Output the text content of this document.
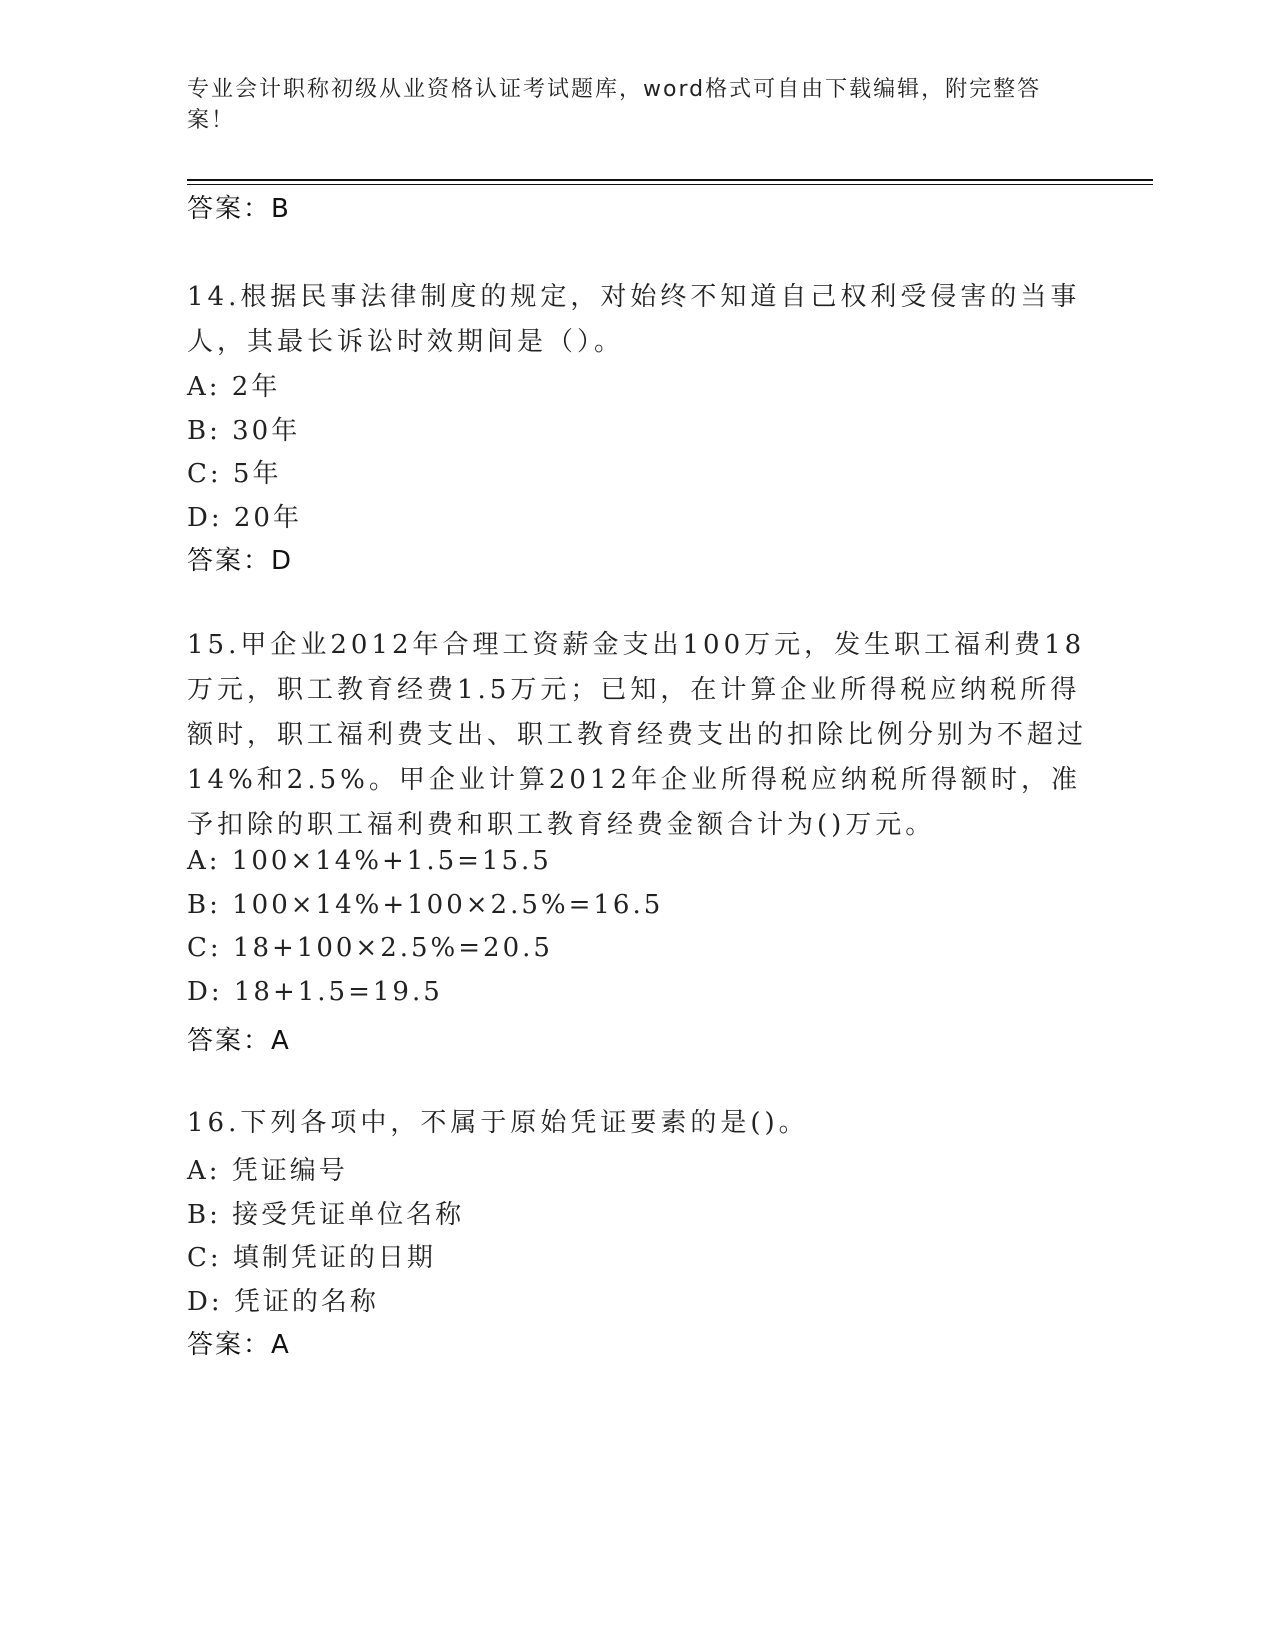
专业会计职称初级从业资格认证考试题库，word格式可自由下载编辑，附完整答案！
答案：B
14.根据民事法律制度的规定，对始终不知道自己权利受侵害的当事人，其最长诉讼时效期间是（）。
A: 2年
B: 30年
C: 5年
D: 20年
答案：D
15.甲企业2012年合理工资薪金支出100万元，发生职工福利费18万元，职工教育经费1.5万元；已知，在计算企业所得税应纳税所得额时，职工福利费支出、职工教育经费支出的扣除比例分别为不超过14%和2.5%。甲企业计算2012年企业所得税应纳税所得额时，准予扣除的职工福利费和职工教育经费金额合计为()万元。
A: 100×14%+1.5=15.5
B: 100×14%+100×2.5%=16.5
C: 18+100×2.5%=20.5
D: 18+1.5=19.5
答案：A
16.下列各项中，不属于原始凭证要素的是()。
A: 凭证编号
B: 接受凭证单位名称
C: 填制凭证的日期
D: 凭证的名称
答案：A
